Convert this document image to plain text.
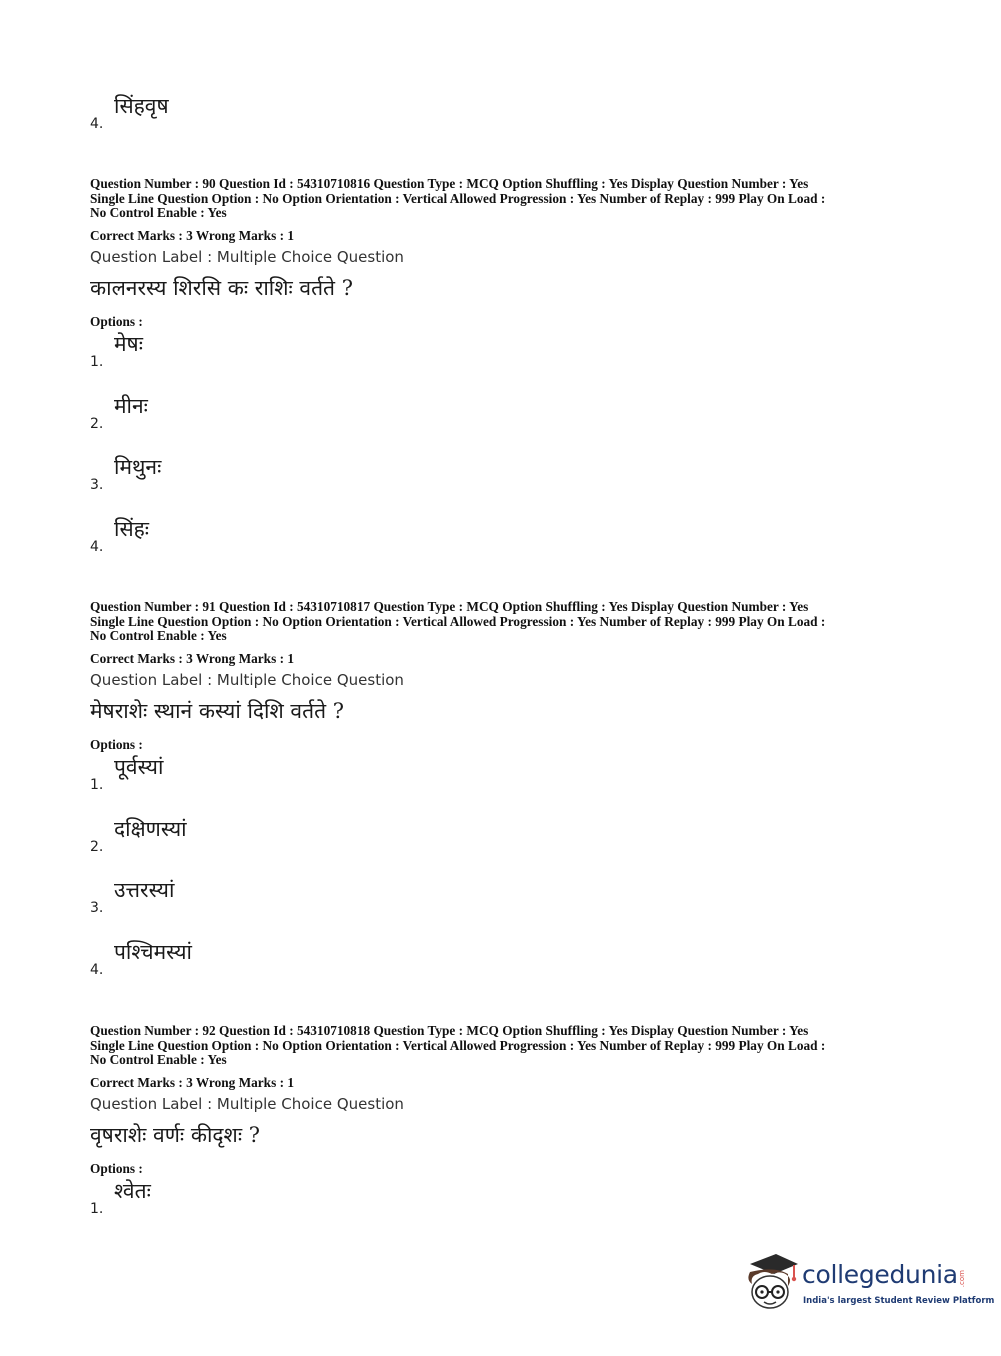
4.
सिंहवृष

Question Number : 90 Question Id : 54310710816 Question Type : MCQ Option Shuffling : Yes Display Question Number : Yes

Single Line Question Option : No Option Orientation : Vertical Allowed Progression : Yes Number of Replay : 999 Play On Load :

No Control Enable : Yes

Correct Marks : 3 Wrong Marks : 1
Question Label : Multiple Choice Question
कालनरस्य शिरसि कः राशिः वर्तते ?
Options :
1.
मेषः
2.
मीनः
3.
मिथुनः
4.
सिंहः

Question Number : 91 Question Id : 54310710817 Question Type : MCQ Option Shuffling : Yes Display Question Number : Yes

Single Line Question Option : No Option Orientation : Vertical Allowed Progression : Yes Number of Replay : 999 Play On Load :

No Control Enable : Yes

Correct Marks : 3 Wrong Marks : 1
Question Label : Multiple Choice Question
मेषराशेः स्थानं कस्यां दिशि वर्तते ?
Options :
1.
पूर्वस्यां
2.
दक्षिणस्यां
3.
उत्तरस्यां
4.
पश्चिमस्यां

Question Number : 92 Question Id : 54310710818 Question Type : MCQ Option Shuffling : Yes Display Question Number : Yes

Single Line Question Option : No Option Orientation : Vertical Allowed Progression : Yes Number of Replay : 999 Play On Load :

No Control Enable : Yes

Correct Marks : 3 Wrong Marks : 1
Question Label : Multiple Choice Question
वृषराशेः वर्णः कीदृशः ?
Options :
1.
श्वेतः
collegedunia .com
India's largest Student Review Platform
